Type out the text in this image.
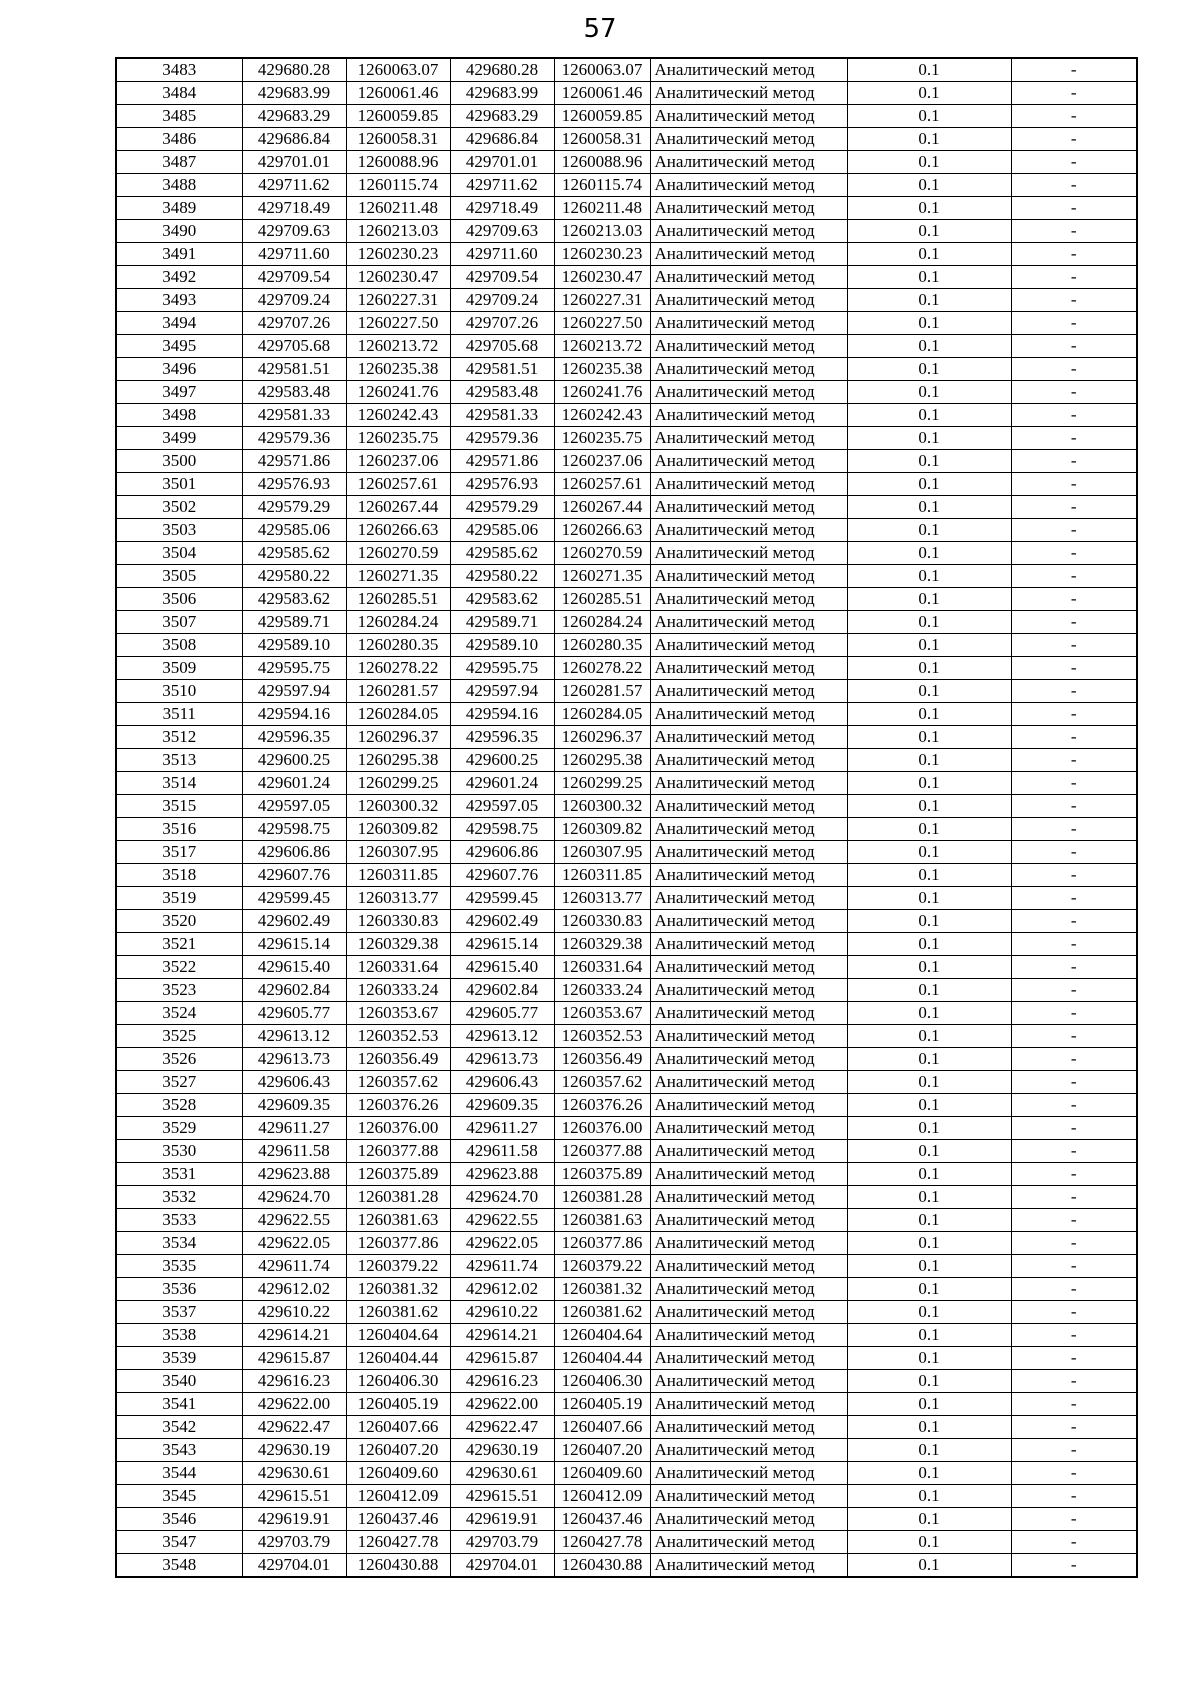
57
3483	429680.28	1260063.07	429680.28	1260063.07	Аналитический метод	0.1	-
3484	429683.99	1260061.46	429683.99	1260061.46	Аналитический метод	0.1	-
3485	429683.29	1260059.85	429683.29	1260059.85	Аналитический метод	0.1	-
3486	429686.84	1260058.31	429686.84	1260058.31	Аналитический метод	0.1	-
3487	429701.01	1260088.96	429701.01	1260088.96	Аналитический метод	0.1	-
3488	429711.62	1260115.74	429711.62	1260115.74	Аналитический метод	0.1	-
3489	429718.49	1260211.48	429718.49	1260211.48	Аналитический метод	0.1	-
3490	429709.63	1260213.03	429709.63	1260213.03	Аналитический метод	0.1	-
3491	429711.60	1260230.23	429711.60	1260230.23	Аналитический метод	0.1	-
3492	429709.54	1260230.47	429709.54	1260230.47	Аналитический метод	0.1	-
3493	429709.24	1260227.31	429709.24	1260227.31	Аналитический метод	0.1	-
3494	429707.26	1260227.50	429707.26	1260227.50	Аналитический метод	0.1	-
3495	429705.68	1260213.72	429705.68	1260213.72	Аналитический метод	0.1	-
3496	429581.51	1260235.38	429581.51	1260235.38	Аналитический метод	0.1	-
3497	429583.48	1260241.76	429583.48	1260241.76	Аналитический метод	0.1	-
3498	429581.33	1260242.43	429581.33	1260242.43	Аналитический метод	0.1	-
3499	429579.36	1260235.75	429579.36	1260235.75	Аналитический метод	0.1	-
3500	429571.86	1260237.06	429571.86	1260237.06	Аналитический метод	0.1	-
3501	429576.93	1260257.61	429576.93	1260257.61	Аналитический метод	0.1	-
3502	429579.29	1260267.44	429579.29	1260267.44	Аналитический метод	0.1	-
3503	429585.06	1260266.63	429585.06	1260266.63	Аналитический метод	0.1	-
3504	429585.62	1260270.59	429585.62	1260270.59	Аналитический метод	0.1	-
3505	429580.22	1260271.35	429580.22	1260271.35	Аналитический метод	0.1	-
3506	429583.62	1260285.51	429583.62	1260285.51	Аналитический метод	0.1	-
3507	429589.71	1260284.24	429589.71	1260284.24	Аналитический метод	0.1	-
3508	429589.10	1260280.35	429589.10	1260280.35	Аналитический метод	0.1	-
3509	429595.75	1260278.22	429595.75	1260278.22	Аналитический метод	0.1	-
3510	429597.94	1260281.57	429597.94	1260281.57	Аналитический метод	0.1	-
3511	429594.16	1260284.05	429594.16	1260284.05	Аналитический метод	0.1	-
3512	429596.35	1260296.37	429596.35	1260296.37	Аналитический метод	0.1	-
3513	429600.25	1260295.38	429600.25	1260295.38	Аналитический метод	0.1	-
3514	429601.24	1260299.25	429601.24	1260299.25	Аналитический метод	0.1	-
3515	429597.05	1260300.32	429597.05	1260300.32	Аналитический метод	0.1	-
3516	429598.75	1260309.82	429598.75	1260309.82	Аналитический метод	0.1	-
3517	429606.86	1260307.95	429606.86	1260307.95	Аналитический метод	0.1	-
3518	429607.76	1260311.85	429607.76	1260311.85	Аналитический метод	0.1	-
3519	429599.45	1260313.77	429599.45	1260313.77	Аналитический метод	0.1	-
3520	429602.49	1260330.83	429602.49	1260330.83	Аналитический метод	0.1	-
3521	429615.14	1260329.38	429615.14	1260329.38	Аналитический метод	0.1	-
3522	429615.40	1260331.64	429615.40	1260331.64	Аналитический метод	0.1	-
3523	429602.84	1260333.24	429602.84	1260333.24	Аналитический метод	0.1	-
3524	429605.77	1260353.67	429605.77	1260353.67	Аналитический метод	0.1	-
3525	429613.12	1260352.53	429613.12	1260352.53	Аналитический метод	0.1	-
3526	429613.73	1260356.49	429613.73	1260356.49	Аналитический метод	0.1	-
3527	429606.43	1260357.62	429606.43	1260357.62	Аналитический метод	0.1	-
3528	429609.35	1260376.26	429609.35	1260376.26	Аналитический метод	0.1	-
3529	429611.27	1260376.00	429611.27	1260376.00	Аналитический метод	0.1	-
3530	429611.58	1260377.88	429611.58	1260377.88	Аналитический метод	0.1	-
3531	429623.88	1260375.89	429623.88	1260375.89	Аналитический метод	0.1	-
3532	429624.70	1260381.28	429624.70	1260381.28	Аналитический метод	0.1	-
3533	429622.55	1260381.63	429622.55	1260381.63	Аналитический метод	0.1	-
3534	429622.05	1260377.86	429622.05	1260377.86	Аналитический метод	0.1	-
3535	429611.74	1260379.22	429611.74	1260379.22	Аналитический метод	0.1	-
3536	429612.02	1260381.32	429612.02	1260381.32	Аналитический метод	0.1	-
3537	429610.22	1260381.62	429610.22	1260381.62	Аналитический метод	0.1	-
3538	429614.21	1260404.64	429614.21	1260404.64	Аналитический метод	0.1	-
3539	429615.87	1260404.44	429615.87	1260404.44	Аналитический метод	0.1	-
3540	429616.23	1260406.30	429616.23	1260406.30	Аналитический метод	0.1	-
3541	429622.00	1260405.19	429622.00	1260405.19	Аналитический метод	0.1	-
3542	429622.47	1260407.66	429622.47	1260407.66	Аналитический метод	0.1	-
3543	429630.19	1260407.20	429630.19	1260407.20	Аналитический метод	0.1	-
3544	429630.61	1260409.60	429630.61	1260409.60	Аналитический метод	0.1	-
3545	429615.51	1260412.09	429615.51	1260412.09	Аналитический метод	0.1	-
3546	429619.91	1260437.46	429619.91	1260437.46	Аналитический метод	0.1	-
3547	429703.79	1260427.78	429703.79	1260427.78	Аналитический метод	0.1	-
3548	429704.01	1260430.88	429704.01	1260430.88	Аналитический метод	0.1	-
